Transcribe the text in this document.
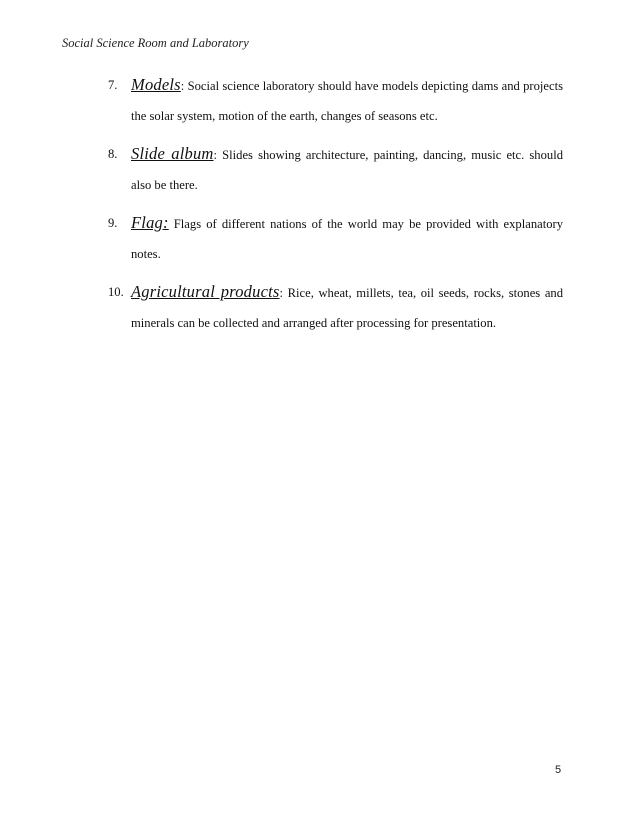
Social Science Room and Laboratory
7. Models: Social science laboratory should have models depicting dams and projects the solar system, motion of the earth, changes of seasons etc.

8. Slide album: Slides showing architecture, painting, dancing, music etc. should also be there.

9. Flag: Flags of different nations of the world may be provided with explanatory notes.

10. Agricultural products: Rice, wheat, millets, tea, oil seeds, rocks, stones and minerals can be collected and arranged after processing for presentation.

5
